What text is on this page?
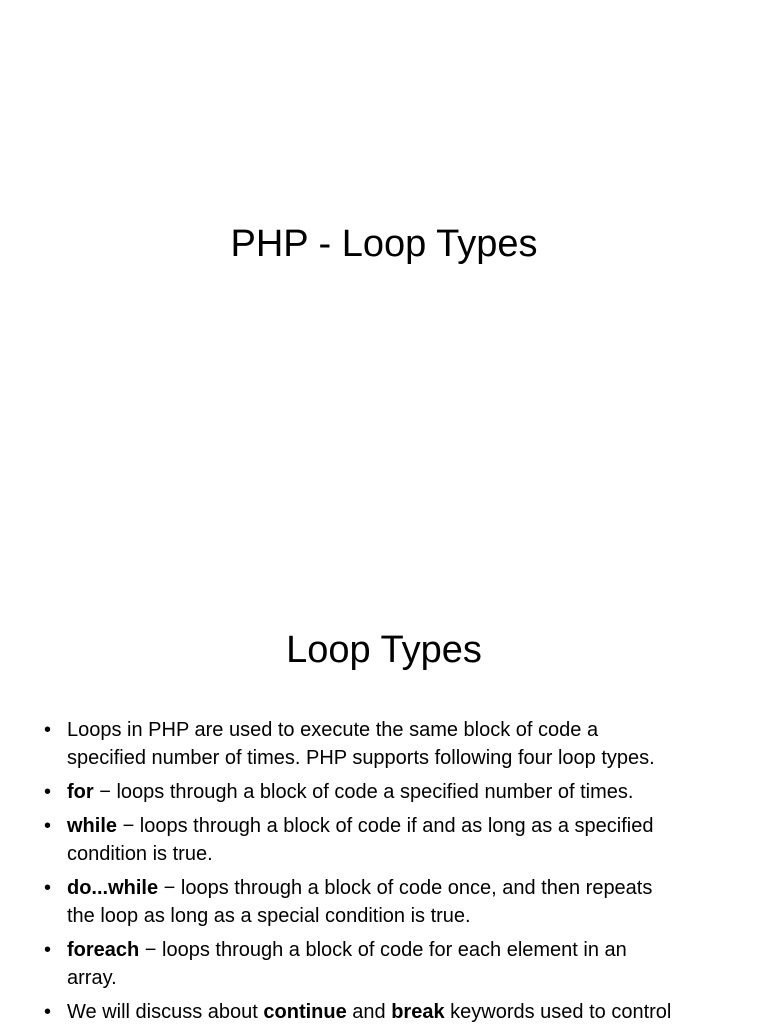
PHP - Loop Types
Loop Types
• Loops in PHP are used to execute the same block of code a
specified number of times. PHP supports following four loop types.
• for − loops through a block of code a specified number of times.
• while − loops through a block of code if and as long as a specified
condition is true.
• do...while − loops through a block of code once, and then repeats
the loop as long as a special condition is true.
• foreach − loops through a block of code for each element in an
array.
• We will discuss about continue and break keywords used to control
